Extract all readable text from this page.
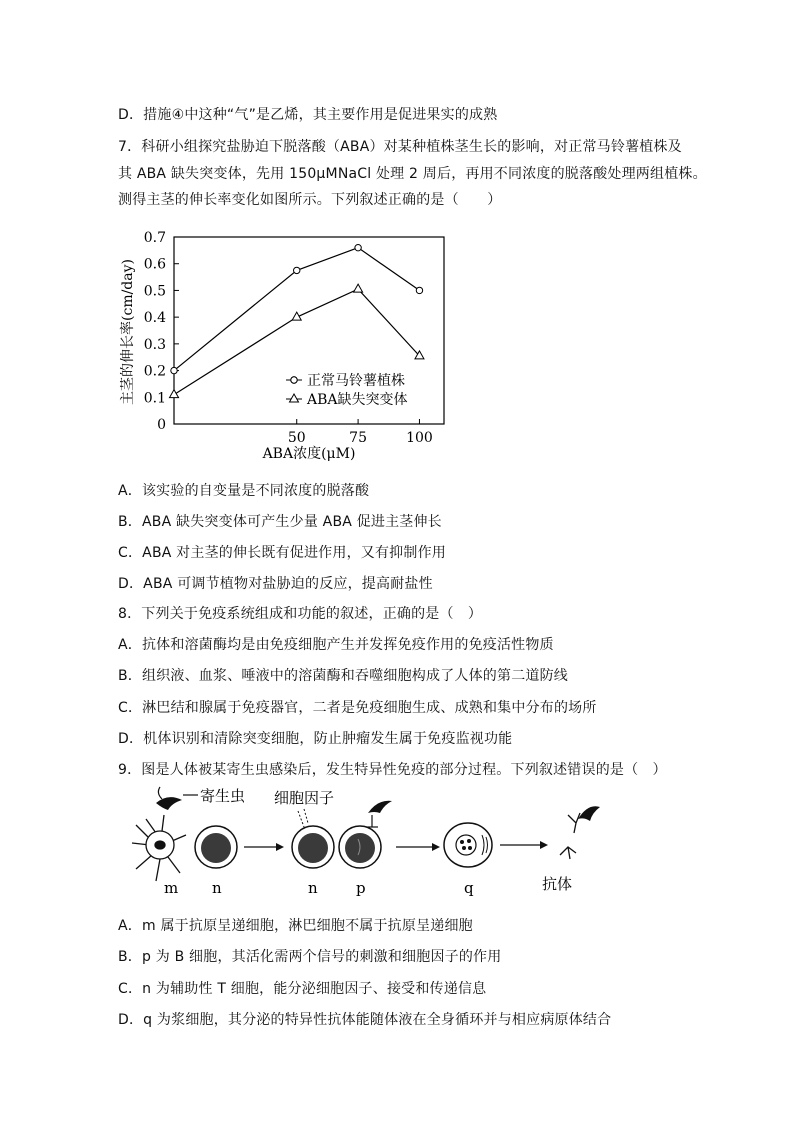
D．措施④中这种“气”是乙烯，其主要作用是促进果实的成熟
7．科研小组探究盐胁迫下脱落酸（ABA）对某种植株茎生长的影响，对正常马铃薯植株及
其 ABA 缺失突变体，先用 150μMNaCl 处理 2 周后，再用不同浓度的脱落酸处理两组植株。
测得主茎的伸长率变化如图所示。下列叙述正确的是（　　）
0
0.1
0.2
0.3
0.4
0.5
0.6
0.7
50	75	100
主茎的伸长率(cm/day)
ABA浓度(μM)
正常马铃薯植株
ABA缺失突变体
A．该实验的自变量是不同浓度的脱落酸
B．ABA 缺失突变体可产生少量 ABA 促进主茎伸长
C．ABA 对主茎的伸长既有促进作用，又有抑制作用
D．ABA 可调节植物对盐胁迫的反应，提高耐盐性
8．下列关于免疫系统组成和功能的叙述，正确的是（　）
A．抗体和溶菌酶均是由免疫细胞产生并发挥免疫作用的免疫活性物质
B．组织液、血浆、唾液中的溶菌酶和吞噬细胞构成了人体的第二道防线
C．淋巴结和腺属于免疫器官，二者是免疫细胞生成、成熟和集中分布的场所
D．机体识别和清除突变细胞，防止肿瘤发生属于免疫监视功能
9．图是人体被某寄生虫感染后，发生特异性免疫的部分过程。下列叙述错误的是（　）
寄生虫
m n
细胞因子
n	p	q	抗体
A．m 属于抗原呈递细胞，淋巴细胞不属于抗原呈递细胞
B．p 为 B 细胞，其活化需两个信号的刺激和细胞因子的作用
C．n 为辅助性 T 细胞，能分泌细胞因子、接受和传递信息
D．q 为浆细胞，其分泌的特异性抗体能随体液在全身循环并与相应病原体结合
